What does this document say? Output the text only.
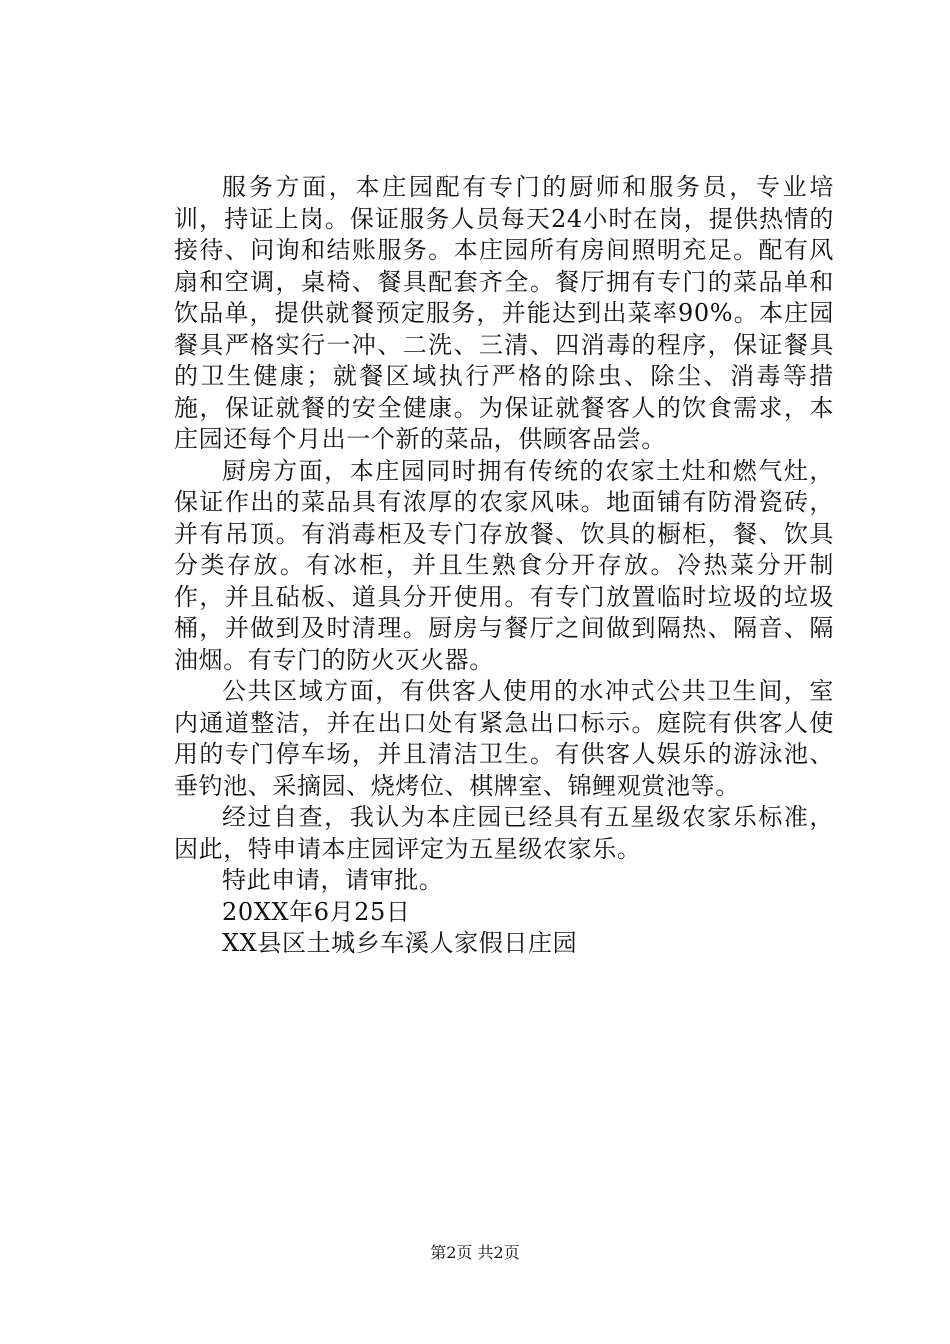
服务方面，本庄园配有专门的厨师和服务员，专业培训，持证上岗。保证服务人员每天24小时在岗，提供热情的接待、问询和结账服务。本庄园所有房间照明充足。配有风扇和空调，桌椅、餐具配套齐全。餐厅拥有专门的菜品单和饮品单，提供就餐预定服务，并能达到出菜率90%。本庄园餐具严格实行一冲、二洗、三清、四消毒的程序，保证餐具的卫生健康；就餐区域执行严格的除虫、除尘、消毒等措施，保证就餐的安全健康。为保证就餐客人的饮食需求，本庄园还每个月出一个新的菜品，供顾客品尝。

厨房方面，本庄园同时拥有传统的农家土灶和燃气灶，保证作出的菜品具有浓厚的农家风味。地面铺有防滑瓷砖，并有吊顶。有消毒柜及专门存放餐、饮具的橱柜，餐、饮具分类存放。有冰柜，并且生熟食分开存放。冷热菜分开制作，并且砧板、道具分开使用。有专门放置临时垃圾的垃圾桶，并做到及时清理。厨房与餐厅之间做到隔热、隔音、隔油烟。有专门的防火灭火器。

公共区域方面，有供客人使用的水冲式公共卫生间，室内通道整洁，并在出口处有紧急出口标示。庭院有供客人使用的专门停车场，并且清洁卫生。有供客人娱乐的游泳池、垂钓池、采摘园、烧烤位、棋牌室、锦鲤观赏池等。

经过自查，我认为本庄园已经具有五星级农家乐标准，因此，特申请本庄园评定为五星级农家乐。

特此申请，请审批。

20XX年6月25日

XX县区土城乡车溪人家假日庄园

第2页 共2页
